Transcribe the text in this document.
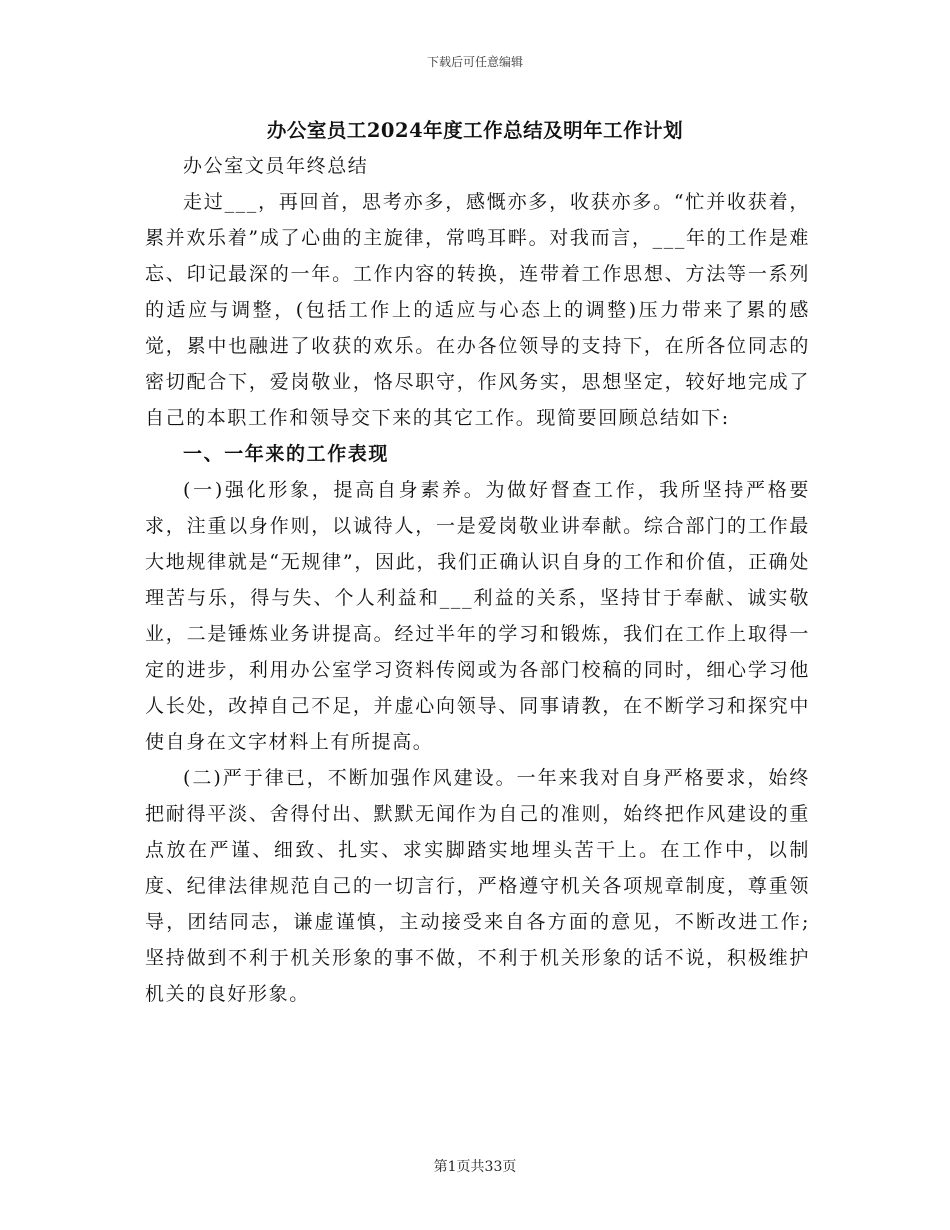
下载后可任意编辑
办公室员工2024年度工作总结及明年工作计划

办公室文员年终总结

走过___，再回首，思考亦多，感慨亦多，收获亦多。“忙并收获着，累并欢乐着”成了心曲的主旋律，常鸣耳畔。对我而言，___年的工作是难忘、印记最深的一年。工作内容的转换，连带着工作思想、方法等一系列的适应与调整，(包括工作上的适应与心态上的调整)压力带来了累的感觉，累中也融进了收获的欢乐。在办各位领导的支持下，在所各位同志的密切配合下，爱岗敬业，恪尽职守，作风务实，思想坚定，较好地完成了自己的本职工作和领导交下来的其它工作。现简要回顾总结如下:

一、一年来的工作表现

(一)强化形象，提高自身素养。为做好督查工作，我所坚持严格要求，注重以身作则，以诚待人，一是爱岗敬业讲奉献。综合部门的工作最大地规律就是“无规律”，因此，我们正确认识自身的工作和价值，正确处理苦与乐，得与失、个人利益和___利益的关系，坚持甘于奉献、诚实敬业，二是锤炼业务讲提高。经过半年的学习和锻炼，我们在工作上取得一定的进步，利用办公室学习资料传阅或为各部门校稿的同时，细心学习他人长处，改掉自己不足，并虚心向领导、同事请教，在不断学习和探究中使自身在文字材料上有所提高。

(二)严于律已，不断加强作风建设。一年来我对自身严格要求，始终把耐得平淡、舍得付出、默默无闻作为自己的准则，始终把作风建设的重点放在严谨、细致、扎实、求实脚踏实地埋头苦干上。在工作中，以制度、纪律法律规范自己的一切言行，严格遵守机关各项规章制度，尊重领导，团结同志，谦虚谨慎，主动接受来自各方面的意见，不断改进工作;坚持做到不利于机关形象的事不做，不利于机关形象的话不说，积极维护机关的良好形象。

第1页共33页
